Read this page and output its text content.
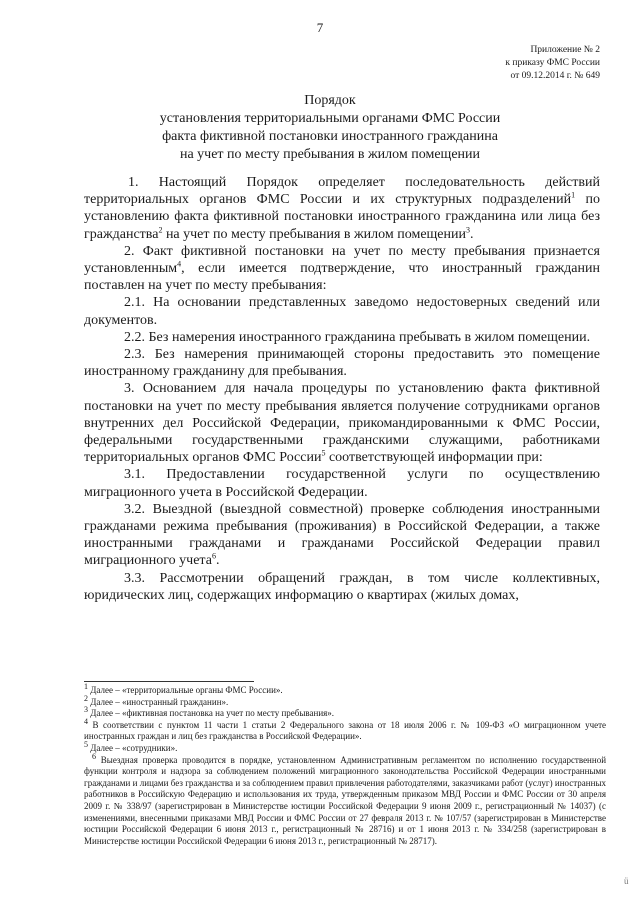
7
Приложение № 2
к приказу ФМС России
от 09.12.2014 г. № 649
Порядок
установления территориальными органами ФМС России
факта фиктивной постановки иностранного гражданина
на учет по месту пребывания в жилом помещении

1. Настоящий Порядок определяет последовательность действий территориальных органов ФМС России и их структурных подразделений$^1$ по установлению факта фиктивной постановки иностранного гражданина или лица без гражданства$^2$ на учет по месту пребывания в жилом помещении$^3$.

2. Факт фиктивной постановки на учет по месту пребывания признается установленным$^4$, если имеется подтверждение, что иностранный гражданин поставлен на учет по месту пребывания:

2.1. На основании представленных заведомо недостоверных сведений или документов.

2.2. Без намерения иностранного гражданина пребывать в жилом помещении.

2.3. Без намерения принимающей стороны предоставить это помещение иностранному гражданину для пребывания.

3. Основанием для начала процедуры по установлению факта фиктивной постановки на учет по месту пребывания является получение сотрудниками органов внутренних дел Российской Федерации, прикомандированными к ФМС России, федеральными государственными гражданскими служащими, работниками территориальных органов ФМС России$^5$ соответствующей информации при:

3.1. Предоставлении государственной услуги по осуществлению миграционного учета в Российской Федерации.

3.2. Выездной (выездной совместной) проверке соблюдения иностранными гражданами режима пребывания (проживания) в Российской Федерации, а также иностранными гражданами и гражданами Российской Федерации правил миграционного учета$^6$.

3.3. Рассмотрении обращений граждан, в том числе коллективных, юридических лиц, содержащих информацию о квартирах (жилых домах,

$^1$ Далее – «территориальные органы ФМС России».

$^2$ Далее – «иностранный гражданин».

$^3$ Далее – «фиктивная постановка на учет по месту пребывания».

$^4$ В соответствии с пунктом 11 части 1 статьи 2 Федерального закона от 18 июля 2006 г. № 109-ФЗ «О миграционном учете иностранных граждан и лиц без гражданства в Российской Федерации».

$^5$ Далее – «сотрудники».

$^6$ Выездная проверка проводится в порядке, установленном Административным регламентом по исполнению государственной функции контроля и надзора за соблюдением положений миграционного законодательства Российской Федерации иностранными гражданами и лицами без гражданства и за соблюдением правил привлечения работодателями, заказчиками работ (услуг) иностранных работников в Российскую Федерацию и использования их труда, утвержденным приказом МВД России и ФМС России от 30 апреля 2009 г. № 338/97 (зарегистрирован в Министерстве юстиции Российской Федерации 9 июня 2009 г., регистрационный № 14037) (с изменениями, внесенными приказами МВД России и ФМС России от 27 февраля 2013 г. № 107/57 (зарегистрирован в Министерстве юстиции Российской Федерации 6 июня 2013 г., регистрационный № 28716) и от 1 июня 2013 г. № 334/258 (зарегистрирован в Министерстве юстиции Российской Федерации 6 июня 2013 г., регистрационный № 28717).

ü
